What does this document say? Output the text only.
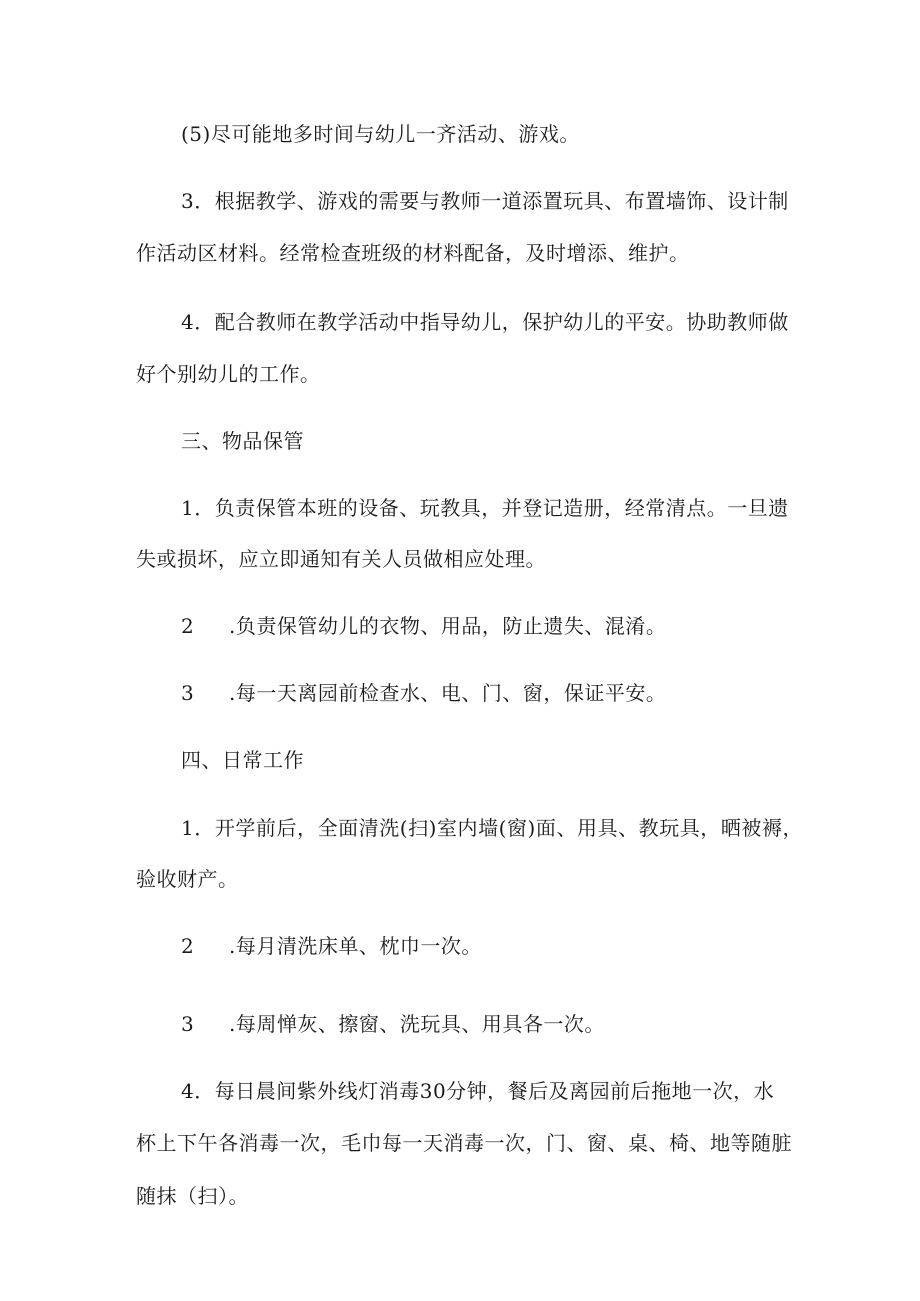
(5)尽可能地多时间与幼儿一齐活动、游戏。
3．根据教学、游戏的需要与教师一道添置玩具、布置墙饰、设计制
作活动区材料。经常检查班级的材料配备，及时增添、维护。
4．配合教师在教学活动中指导幼儿，保护幼儿的平安。协助教师做
好个别幼儿的工作。
三、物品保管
1．负责保管本班的设备、玩教具，并登记造册，经常清点。一旦遗
失或损坏，应立即通知有关人员做相应处理。
2 .负责保管幼儿的衣物、用品，防止遗失、混淆。
3 .每一天离园前检查水、电、门、窗，保证平安。
四、日常工作
1．开学前后，全面清洗(扫)室内墙(窗)面、用具、教玩具，晒被褥，
验收财产。
2 .每月清洗床单、枕巾一次。
3 .每周惮灰、擦窗、洗玩具、用具各一次。
4．每日晨间紫外线灯消毒30分钟，餐后及离园前后拖地一次，水
杯上下午各消毒一次，毛巾每一天消毒一次，门、窗、桌、椅、地等随脏
随抹（扫）。
